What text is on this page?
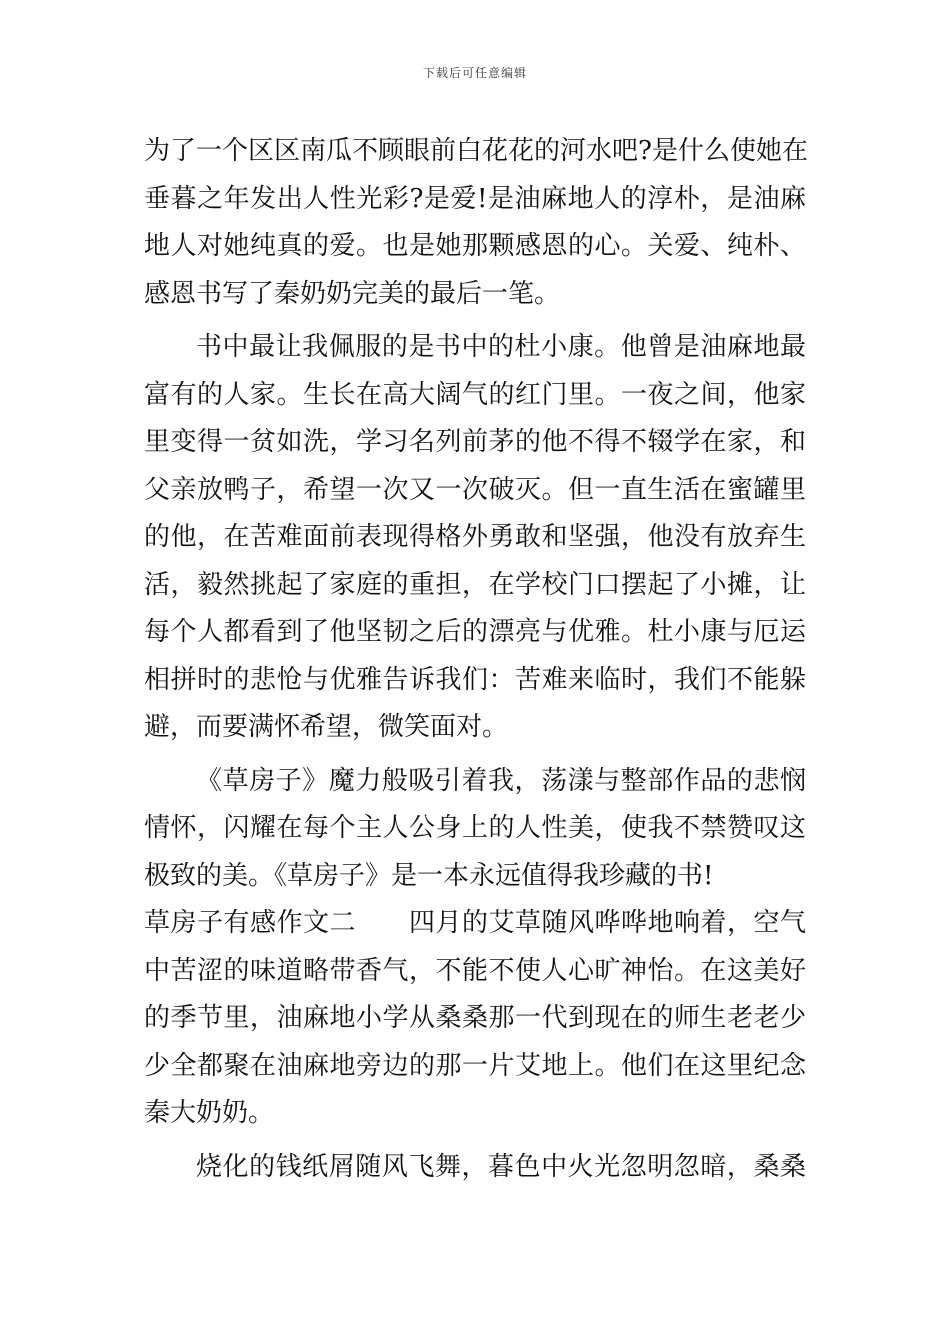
下载后可任意编辑
为了一个区区南瓜不顾眼前白花花的河水吧?是什么使她在
垂暮之年发出人性光彩?是爱!是油麻地人的淳朴，是油麻
地人对她纯真的爱。也是她那颗感恩的心。关爱、纯朴、
感恩书写了秦奶奶完美的最后一笔。
书中最让我佩服的是书中的杜小康。他曾是油麻地最
富有的人家。生长在高大阔气的红门里。一夜之间，他家
里变得一贫如洗，学习名列前茅的他不得不辍学在家，和
父亲放鸭子，希望一次又一次破灭。但一直生活在蜜罐里
的他，在苦难面前表现得格外勇敢和坚强，他没有放弃生
活，毅然挑起了家庭的重担，在学校门口摆起了小摊，让
每个人都看到了他坚韧之后的漂亮与优雅。杜小康与厄运
相拼时的悲怆与优雅告诉我们：苦难来临时，我们不能躲
避，而要满怀希望，微笑面对。
《草房子》魔力般吸引着我，荡漾与整部作品的悲悯
情怀，闪耀在每个主人公身上的人性美，使我不禁赞叹这
极致的美。《草房子》是一本永远值得我珍藏的书!
草房子有感作文二　　四月的艾草随风哗哗地响着，空气
中苦涩的味道略带香气，不能不使人心旷神怡。在这美好
的季节里，油麻地小学从桑桑那一代到现在的师生老老少
少全都聚在油麻地旁边的那一片艾地上。他们在这里纪念
秦大奶奶。
烧化的钱纸屑随风飞舞，暮色中火光忽明忽暗，桑桑
